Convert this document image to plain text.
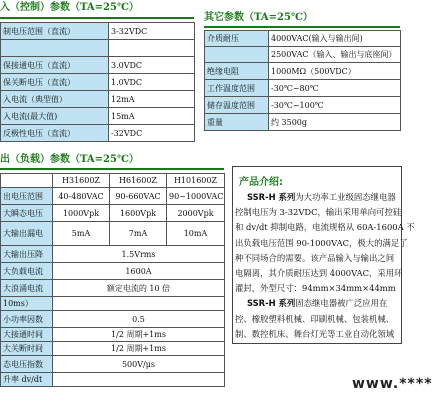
入（控制）参数（TA=25℃）
制电压范围（直流）	3-32VDC

保接通电压（直流）	3.0VDC
保关断电压（直流）	1.0VDC
入电流（典型值）	12mA
入电流(最大值)	15mA
反极性电压（直流）	-32VDC
其它参数（TA=25℃）
介质耐压	4000VAC(输入与输出间)
	2500VAC（输入、输出与底座间）
绝缘电阻	1000MΩ（500VDC）
工作温度范围	-30℃~80℃
储存温度范围	-30℃~100℃
重量	约 3500g
出（负载）参数（TA=25℃）
	H31600Z	H61600Z	H101600Z
出电压范围	40-480VAC	90-660VAC	90~1000VAC
大瞬态电压	1000Vpk	1600Vpk	2000Vpk
大输出漏电	5mA	7mA	10mA
大输出压降	1.5Vrms		
大负载电流	1600A		
大浪涌电流	额定电流的 10 倍		
10ms）			
小功率因数	0.5		
大接通时间	1/2 周期+1ms		
大关断时间	1/2 周期+1ms		
态电压指数	500V/μs		
升率 dv/dt			
产品介绍:
SSR-H 系列为大功率工业级固态继电器
控制电压为 3-32VDC，输出采用单向可控硅
和 dv/dt 抑制电路，电流规格从 60A-1600A 不
出负载电压范围 90-1000VAC，极大的满足了
种不同场合的需要。该产品输入与输出之间
电隔离，其介质耐压达到 4000VAC，采用环
灌封，外型尺寸：94mm×34mm×44mm
SSR-H 系列固态继电器被广泛应用在
控、橡胶塑料机械、印刷机械、包装机械、
制、数控机床、舞台灯光等工业自动化领域
www.****
